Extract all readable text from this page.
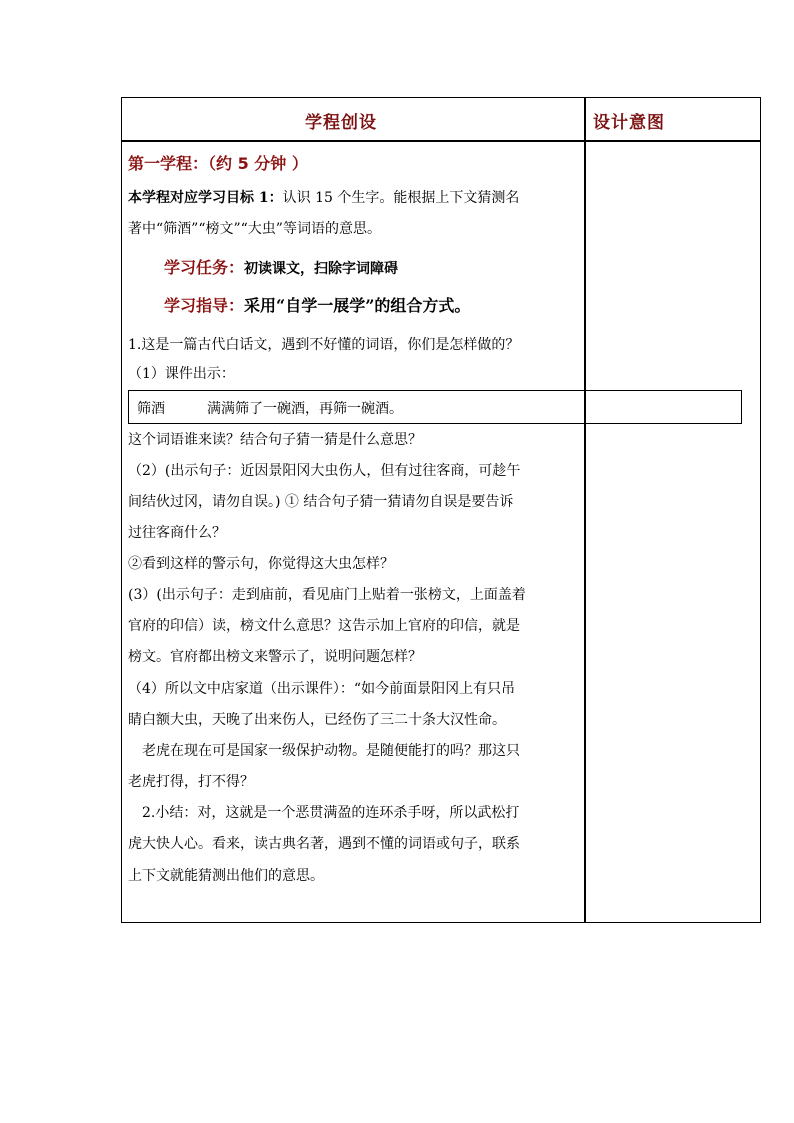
学程创设	设计意图
第一学程：（约 5 分钟 ）
本学程对应学习目标 1：认识 15 个生字。能根据上下文猜测名
著中“筛酒”“榜文”“大虫”等词语的意思。
学习任务：初读课文，扫除字词障碍
学习指导：采用“自学一展学”的组合方式。
1.这是一篇古代白话文，遇到不好懂的词语，你们是怎样做的？
（1）课件出示：
筛酒	满满筛了一碗酒，再筛一碗酒。
这个词语谁来读？结合句子猜一猜是什么意思？
（2）(出示句子：近因景阳冈大虫伤人，但有过往客商，可趁午
间结伙过冈，请勿自误。) ① 结合句子猜一猜请勿自误是要告诉
过往客商什么？
②看到这样的警示句，你觉得这大虫怎样？
(3）(出示句子：走到庙前，看见庙门上贴着一张榜文，上面盖着
官府的印信）读，榜文什么意思？这告示加上官府的印信，就是
榜文。官府都出榜文来警示了，说明问题怎样？
（4）所以文中店家道（出示课件）：“如今前面景阳冈上有只吊
睛白额大虫，天晚了出来伤人，已经伤了三二十条大汉性命。
老虎在现在可是国家一级保护动物。是随便能打的吗？那这只
老虎打得，打不得？
2.小结：对，这就是一个恶贯满盈的连环杀手呀，所以武松打
虎大快人心。看来，读古典名著，遇到不懂的词语或句子，联系
上下文就能猜测出他们的意思。
